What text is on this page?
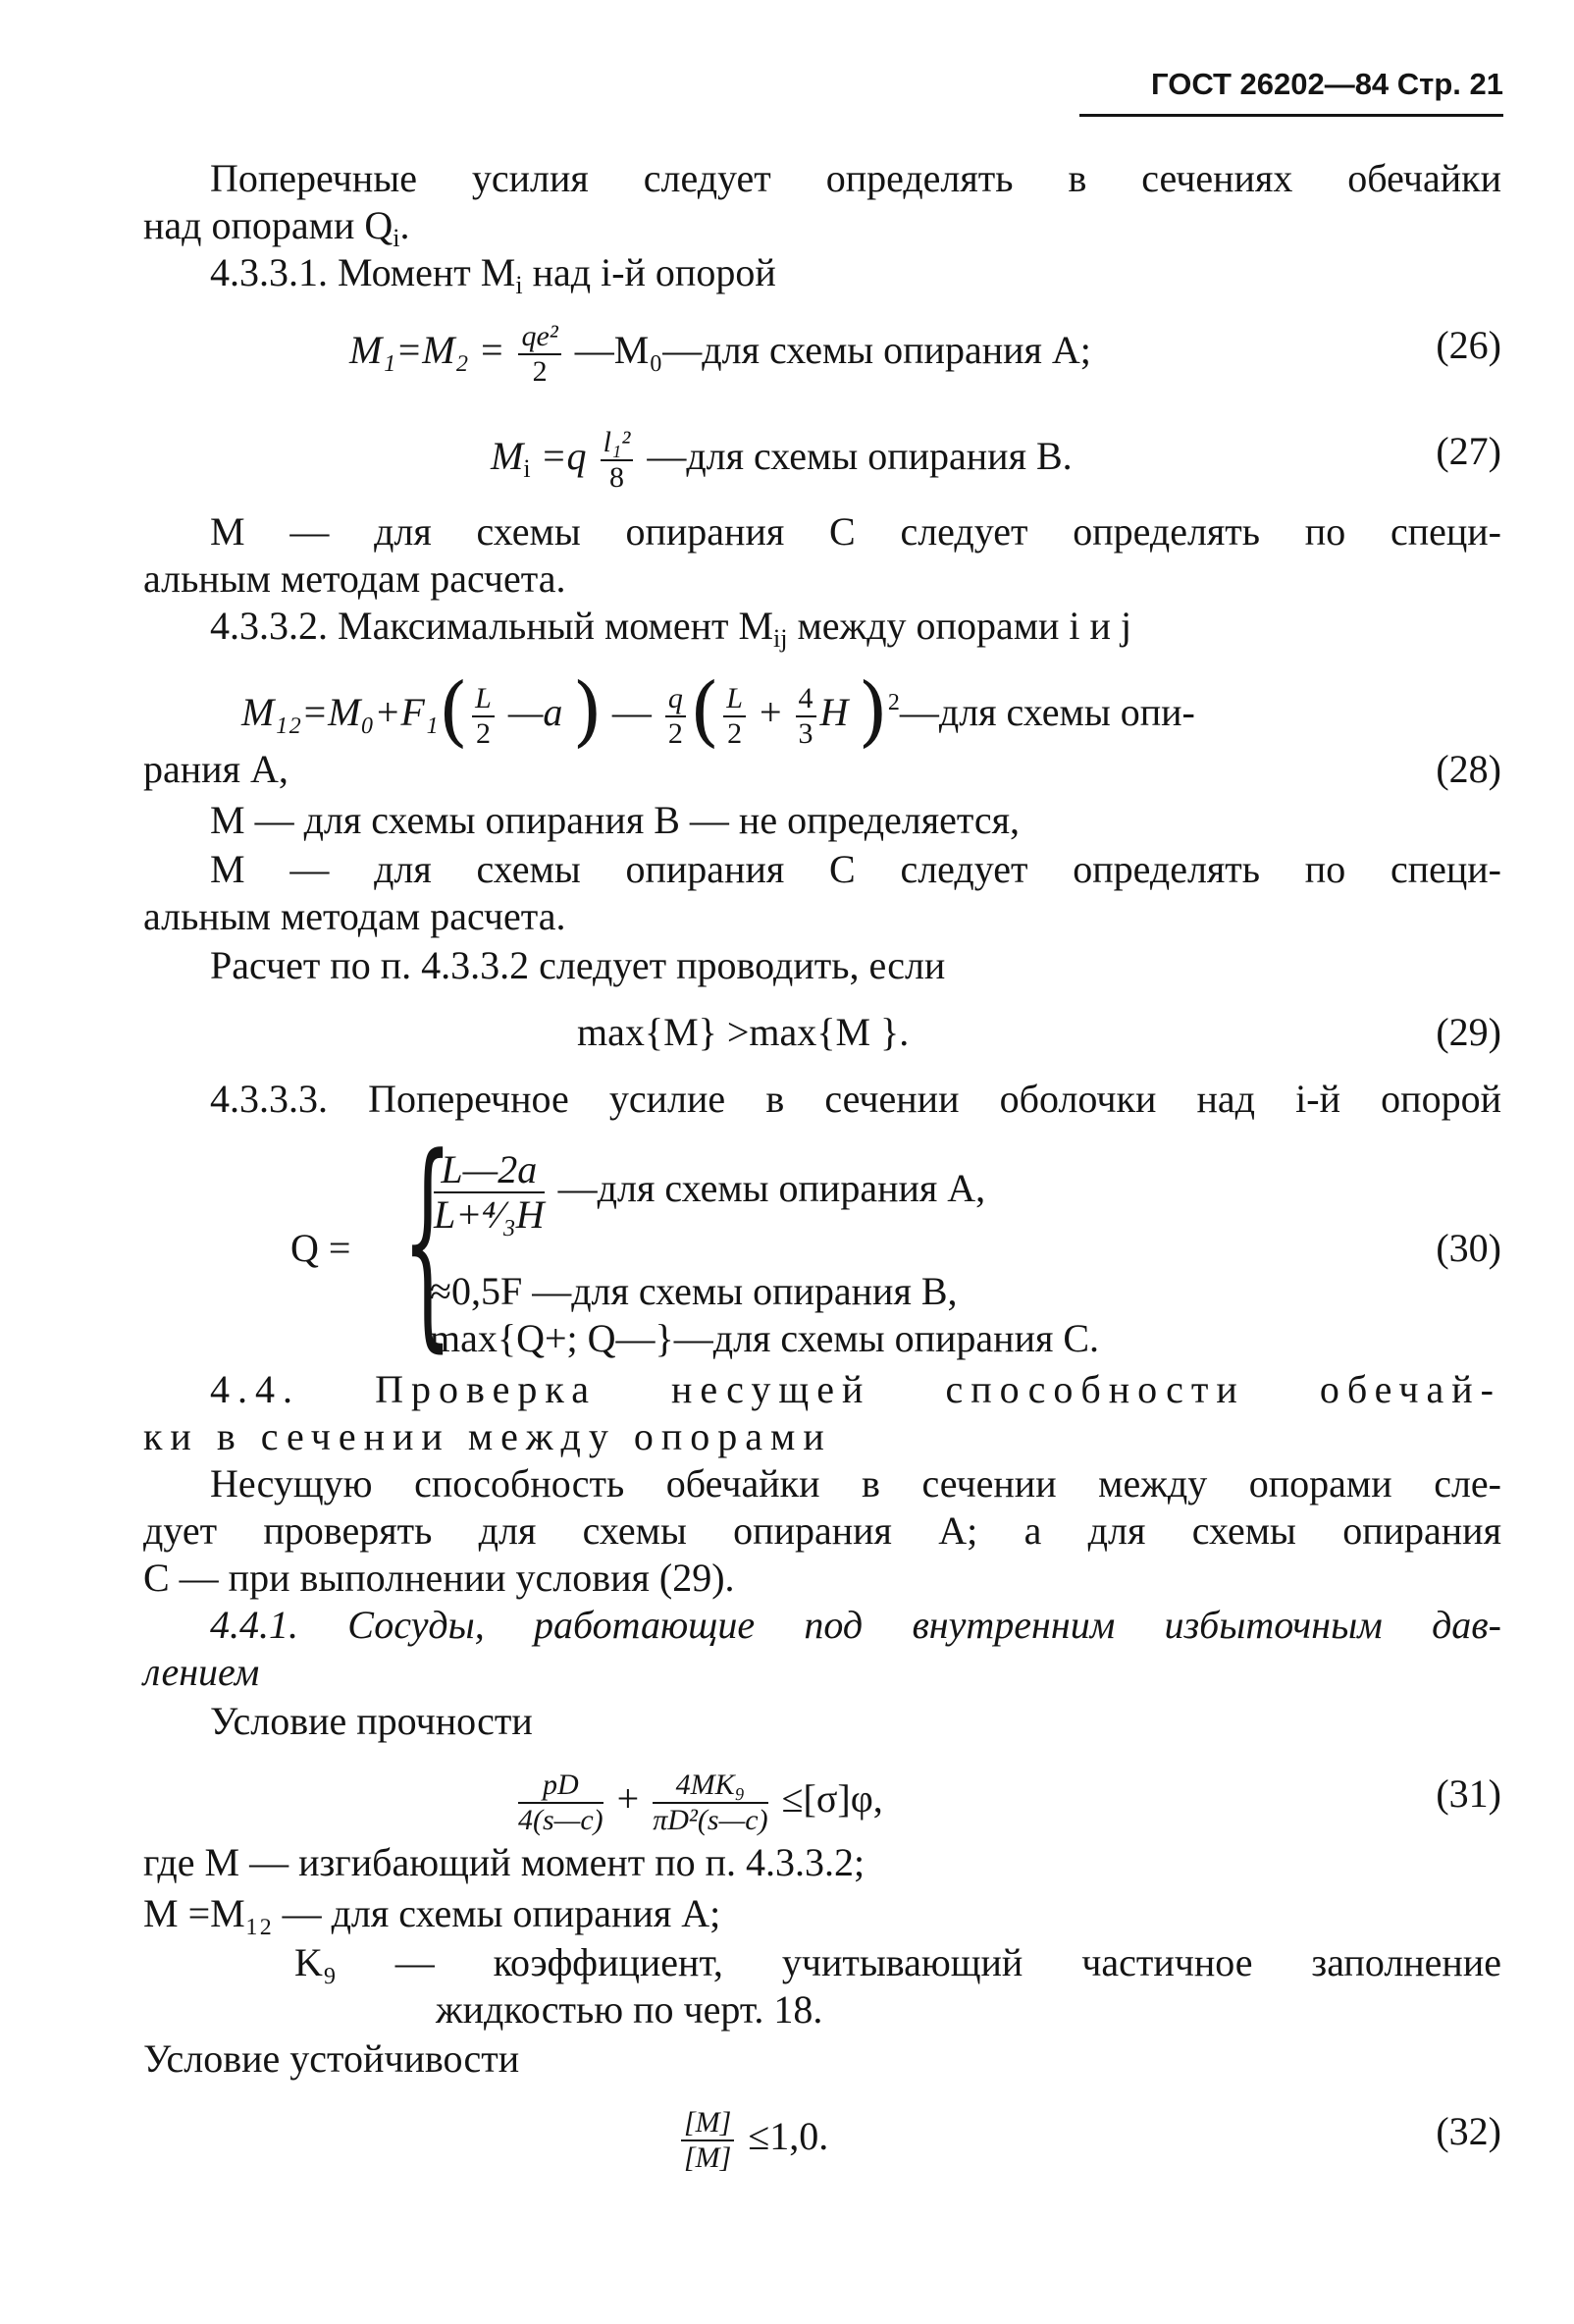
ГОСТ 26202—84 Стр. 21
Поперечные усилия следует определять в сечениях обечайки
над опорами $Q_i$.
4.3.3.1. Момент $M_i$ над i-й опорой
$M_1=M_2 = \frac{\text{qe²}}{2}$ —M₀—для схемы опирания А;	(26)
$M_i =q \frac{\text{l₁²}}{8}$ —для схемы опирания В.	(27)
M — для схемы опирания С следует определять по специ-
альным методам расчета.
4.3.3.2. Максимальный момент $M_{ij}$ между опорами i и j
$M_{12}=M_0+F_1( \frac{L}{2}$ —a ) — $\frac{q}{2}$ ( $\frac{L}{2} + \frac{4}{3}$ H )$^2$—для схемы опи-
рания А,	(28)
M — для схемы опирания В — не определяется,
M — для схемы опирания С следует определять по специ-
альным методам расчета.
Расчет по п. 4.3.3.2 следует проводить, если
max{M} >max{M }.	(29)
4.3.3.3. Поперечное усилие в сечении оболочки над i-й опорой
Q = {
$\frac{L—2a}{\text{L+⁴⁄₃H}}$ —для схемы опирания А,
≈0,5F —для схемы опирания В,
max{Q+; Q—}—для схемы опирания С.
(30)
4.4. Проверка несущей способности обечай-
ки в сечении между опорами
Несущую способность обечайки в сечении между опорами сле-
дует проверять для схемы опирания А; а для схемы опирания
С — при выполнении условия (29).
4.4.1. Сосуды, работающие под внутренним избыточным дав-
лением
Условие прочности
$\frac{pD}{4(s—c)} + \frac{\text{4MK₉}}{\text{πD²(s—c)}} \le[\sigma]\varphi$,	(31)
где M — изгибающий момент по п. 4.3.3.2;
M =M₁₂ — для схемы опирания А;
K₉ — коэффициент, учитывающий частичное заполнение
жидкостью по черт. 18.
Условие устойчивости
$\frac{[M]}{[M]} \le 1,0$.	(32)
